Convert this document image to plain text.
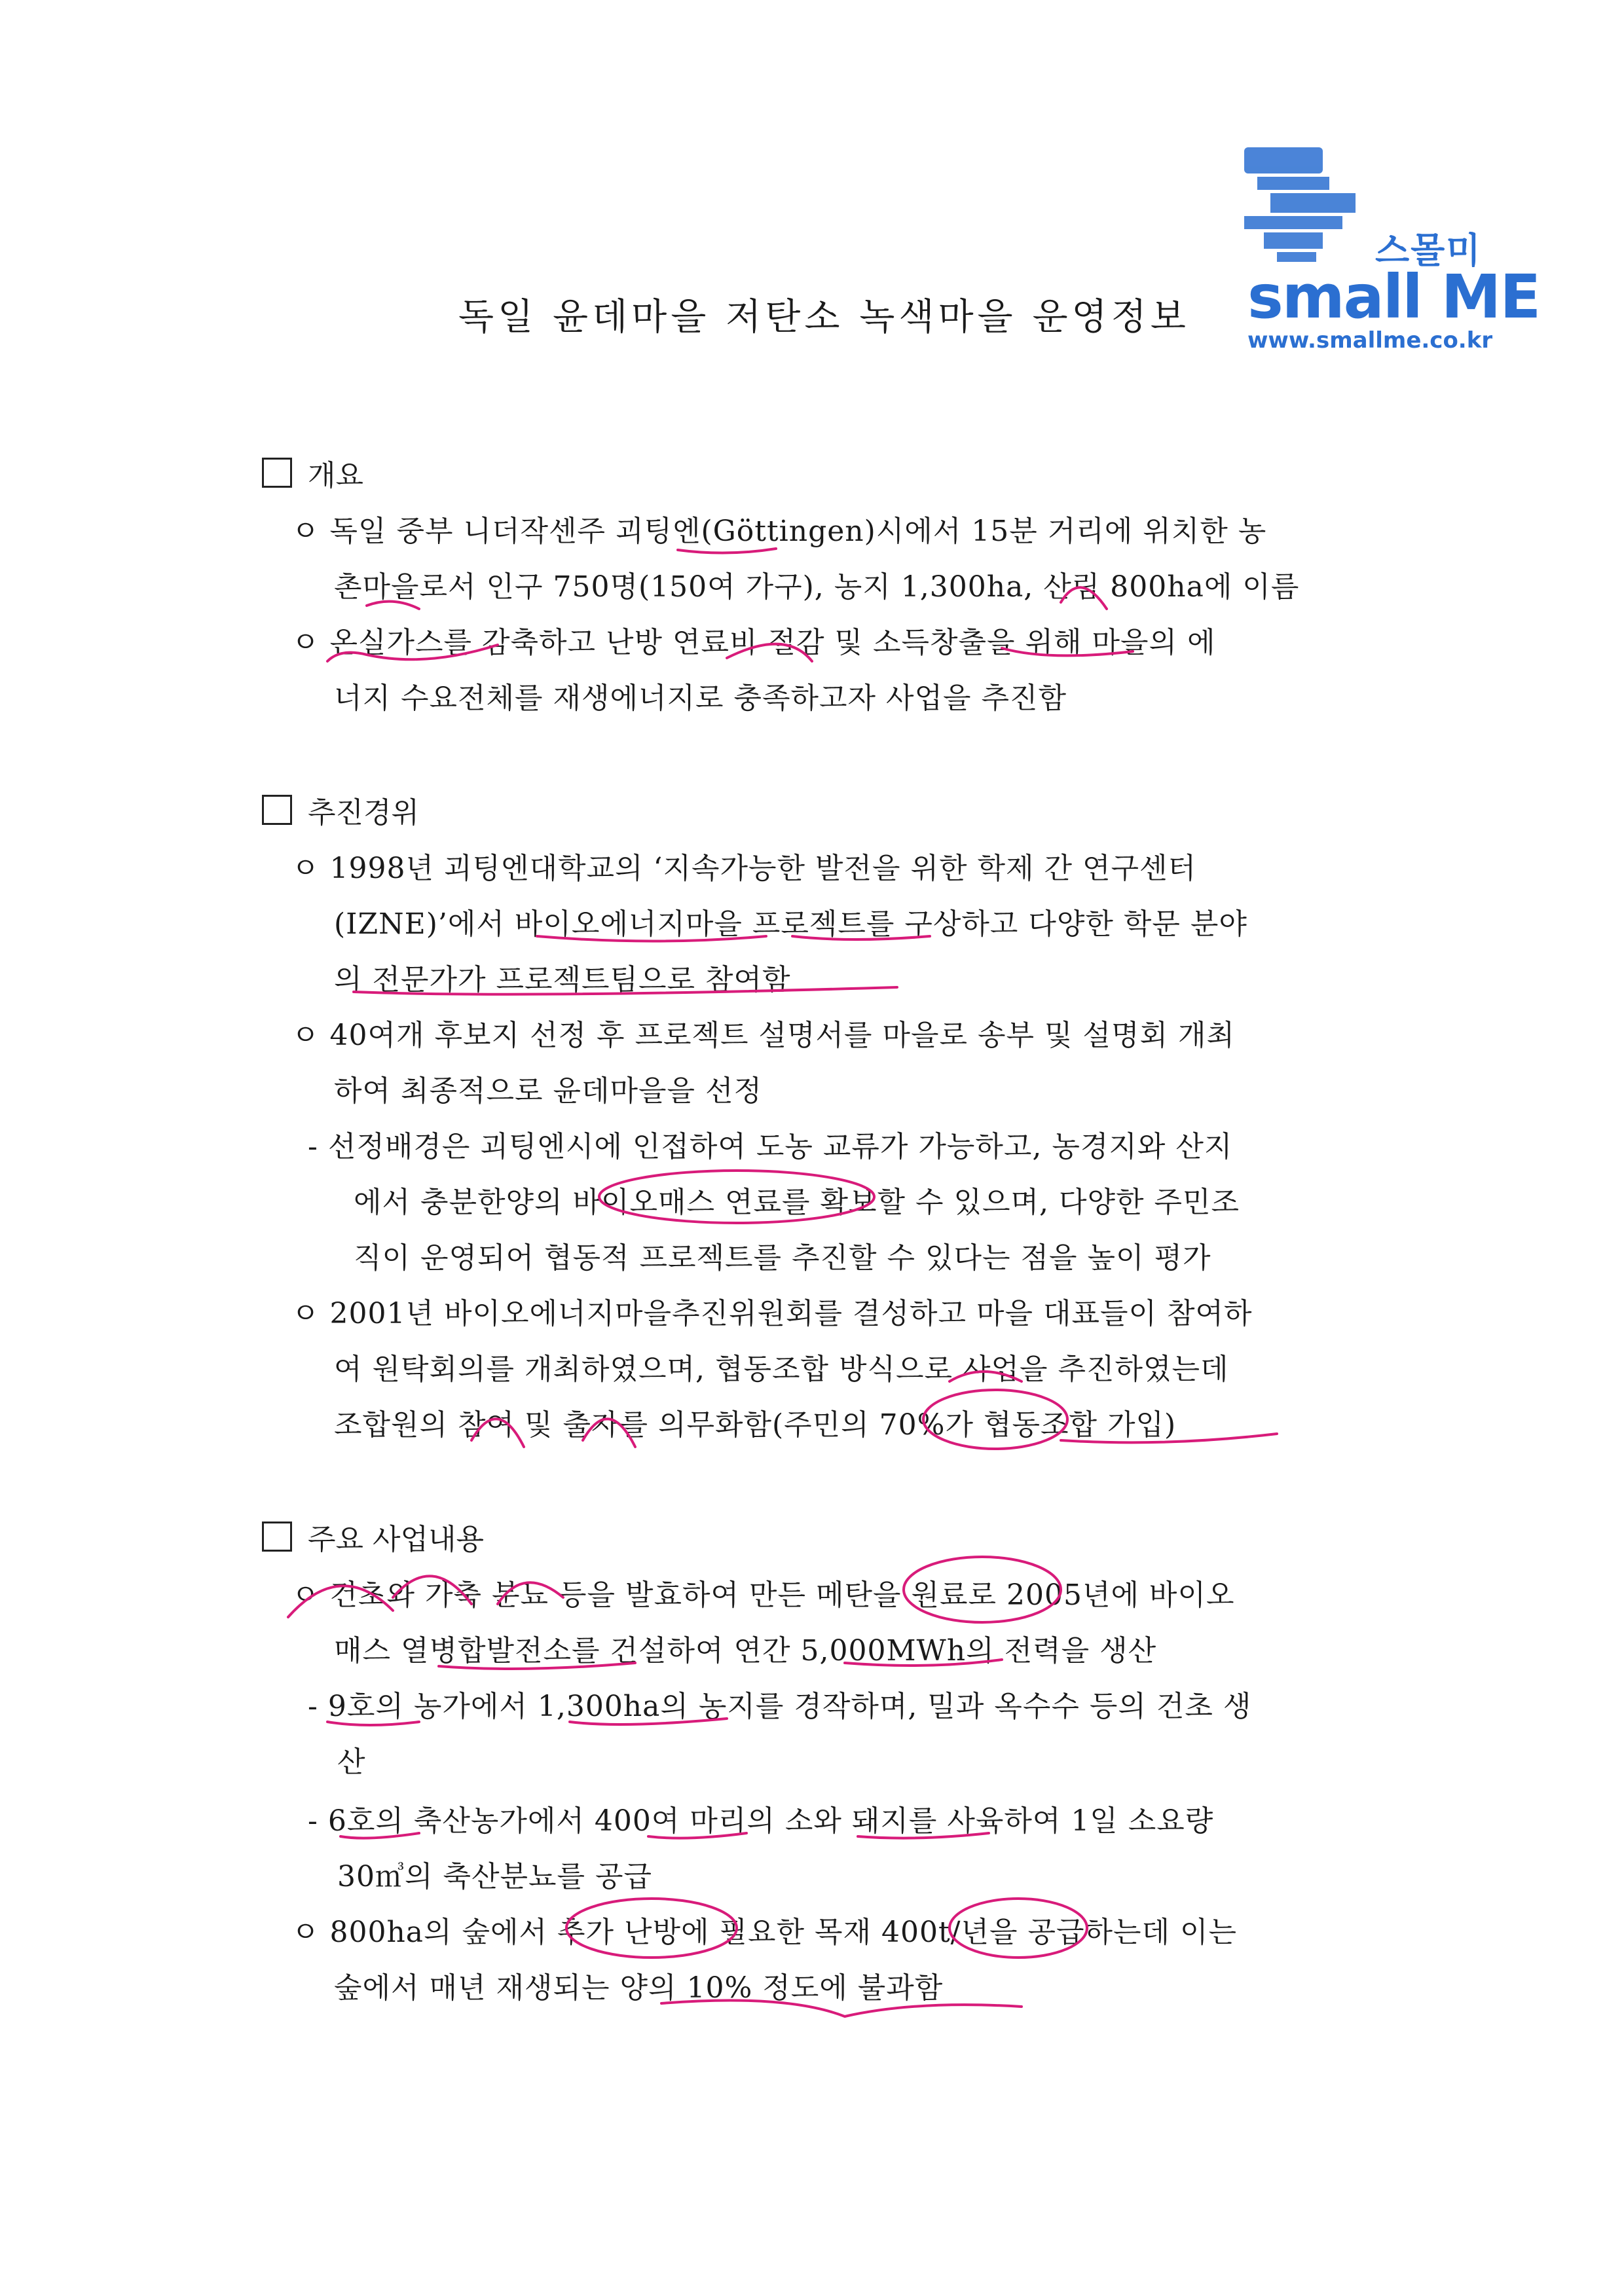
스몰미
small ME
www.smallme.co.kr
독일 윤데마을 저탄소 녹색마을 운영정보
개요
ㅇ 독일 중부 니더작센주 괴팅엔(Göttingen)시에서 15분 거리에 위치한 농
촌마을로서 인구 750명(150여 가구), 농지 1,300ha, 산림 800ha에 이름
ㅇ 온실가스를 감축하고 난방 연료비 절감 및 소득창출을 위해 마을의 에
너지 수요전체를 재생에너지로 충족하고자 사업을 추진함
추진경위
ㅇ 1998년 괴팅엔대학교의 ‘지속가능한 발전을 위한 학제 간 연구센터
(IZNE)’에서 바이오에너지마을 프로젝트를 구상하고 다양한 학문 분야
의 전문가가 프로젝트팀으로 참여함
ㅇ 40여개 후보지 선정 후 프로젝트 설명서를 마을로 송부 및 설명회 개최
하여 최종적으로 윤데마을을 선정
- 선정배경은 괴팅엔시에 인접하여 도농 교류가 가능하고, 농경지와 산지
에서 충분한양의 바이오매스 연료를 확보할 수 있으며, 다양한 주민조
직이 운영되어 협동적 프로젝트를 추진할 수 있다는 점을 높이 평가
ㅇ 2001년 바이오에너지마을추진위원회를 결성하고 마을 대표들이 참여하
여 원탁회의를 개최하였으며, 협동조합 방식으로 사업을 추진하였는데
조합원의 참여 및 출자를 의무화함(주민의 70%가 협동조합 가입)
주요 사업내용
ㅇ 건초와 가축 분뇨 등을 발효하여 만든 메탄을 원료로 2005년에 바이오
매스 열병합발전소를 건설하여 연간 5,000MWh의 전력을 생산
- 9호의 농가에서 1,300ha의 농지를 경작하며, 밀과 옥수수 등의 건초 생
산
- 6호의 축산농가에서 400여 마리의 소와 돼지를 사육하여 1일 소요량
30㎥의 축산분뇨를 공급
ㅇ 800ha의 숲에서 추가 난방에 필요한 목재 400t/년을 공급하는데 이는
숲에서 매년 재생되는 양의 10% 정도에 불과함
